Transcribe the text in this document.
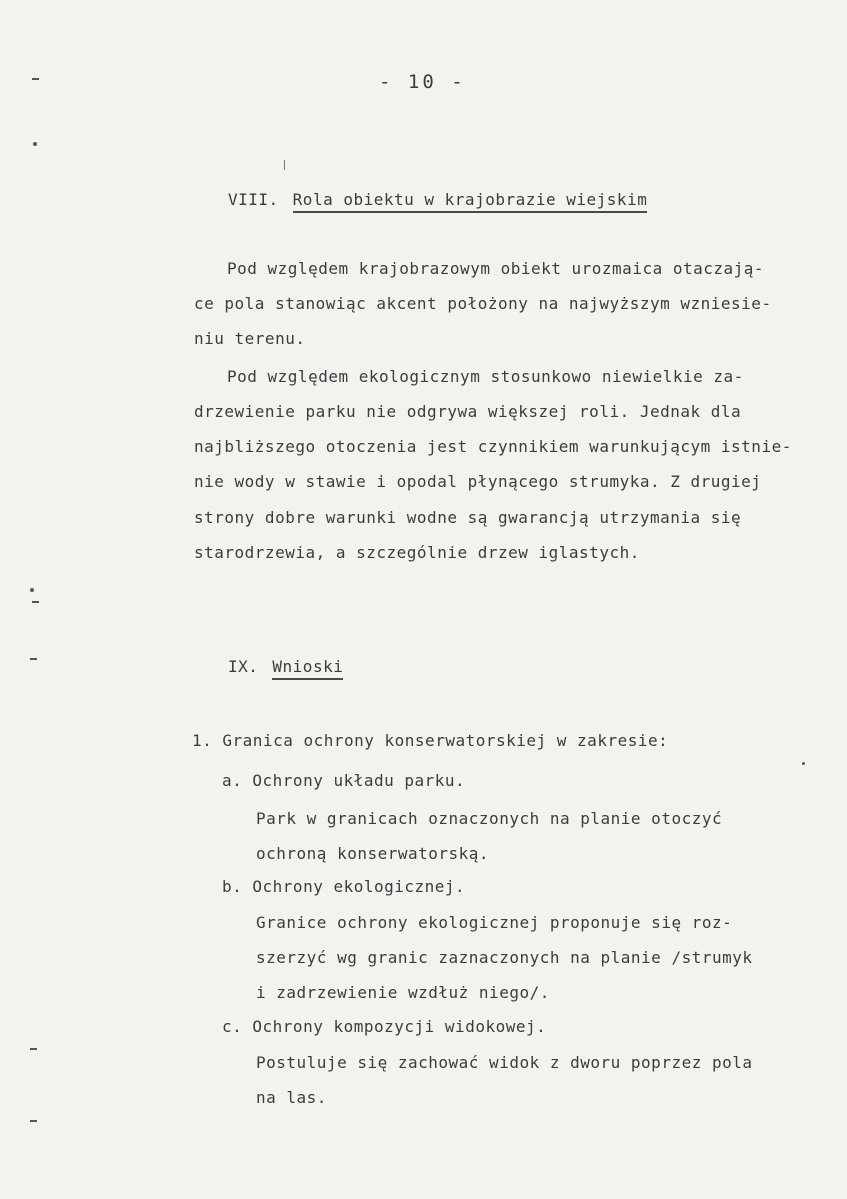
- 10 -
VIII. Rola obiektu w krajobrazie wiejskim
Pod względem krajobrazowym obiekt urozmaica otaczają-
ce pola stanowiąc akcent położony na najwyższym wzniesie-
niu terenu.
Pod względem ekologicznym stosunkowo niewielkie za-
drzewienie parku nie odgrywa większej roli. Jednak dla
najbliższego otoczenia jest czynnikiem warunkującym istnie-
nie wody w stawie i opodal płynącego strumyka. Z drugiej
strony dobre warunki wodne są gwarancją utrzymania się
starodrzewia, a szczególnie drzew iglastych.
IX. Wnioski
1. Granica ochrony konserwatorskiej w zakresie:
a. Ochrony układu parku.
Park w granicach oznaczonych na planie otoczyć
ochroną konserwatorską.
b. Ochrony ekologicznej.
Granice ochrony ekologicznej proponuje się roz-
szerzyć wg granic zaznaczonych na planie /strumyk
i zadrzewienie wzdłuż niego/.
c. Ochrony kompozycji widokowej.
Postuluje się zachować widok z dworu poprzez pola
na las.
